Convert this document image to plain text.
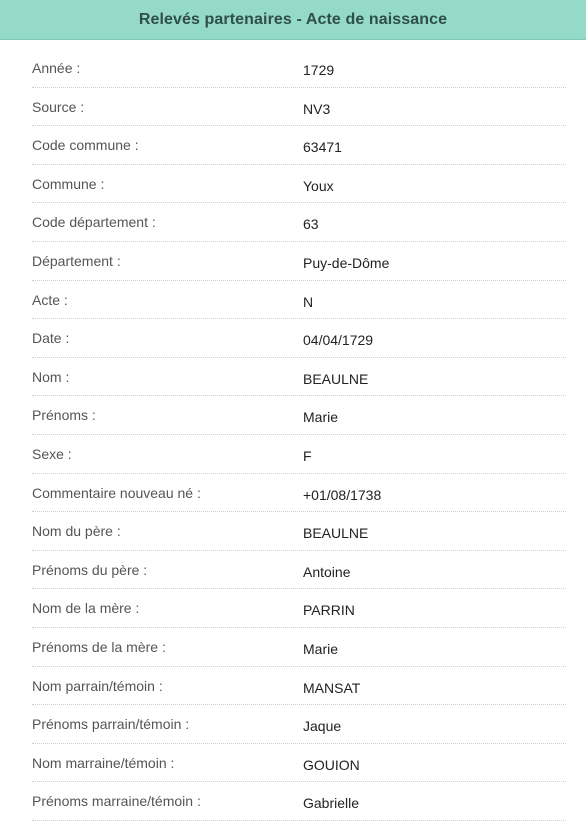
Relevés partenaires - Acte de naissance
Année :	1729
Source :	NV3
Code commune :	63471
Commune :	Youx
Code département :	63
Département :	Puy-de-Dôme
Acte :	N
Date :	04/04/1729
Nom :	BEAULNE
Prénoms :	Marie
Sexe :	F
Commentaire nouveau né :	+01/08/1738
Nom du père :	BEAULNE
Prénoms du père :	Antoine
Nom de la mère :	PARRIN
Prénoms de la mère :	Marie
Nom parrain/témoin :	MANSAT
Prénoms parrain/témoin :	Jaque
Nom marraine/témoin :	GOUION
Prénoms marraine/témoin :	Gabrielle
